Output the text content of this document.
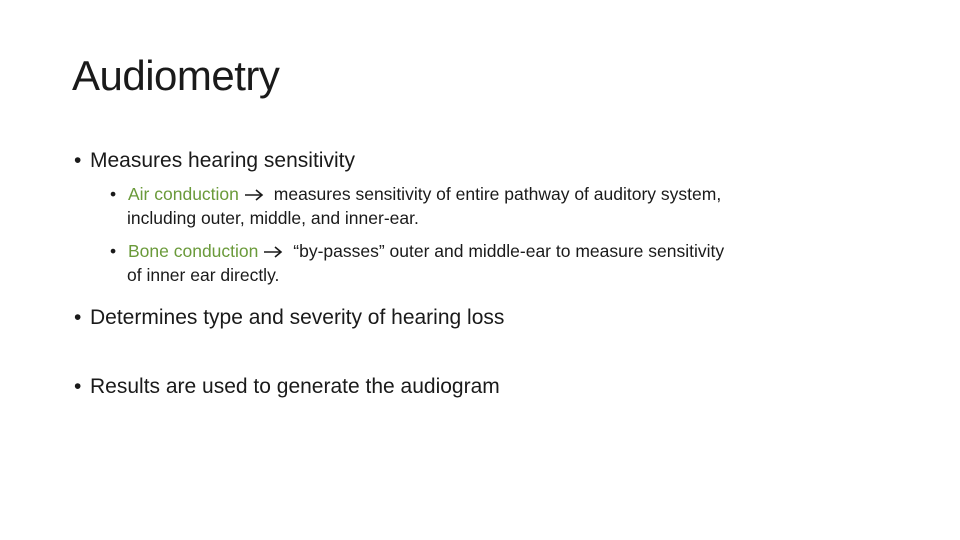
Audiometry
• Measures hearing sensitivity
• Air conduction measures sensitivity of entire pathway of auditory system,
including outer, middle, and inner-ear.
• Bone conduction “by-passes” outer and middle-ear to measure sensitivity
of inner ear directly.
• Determines type and severity of hearing loss
• Results are used to generate the audiogram
